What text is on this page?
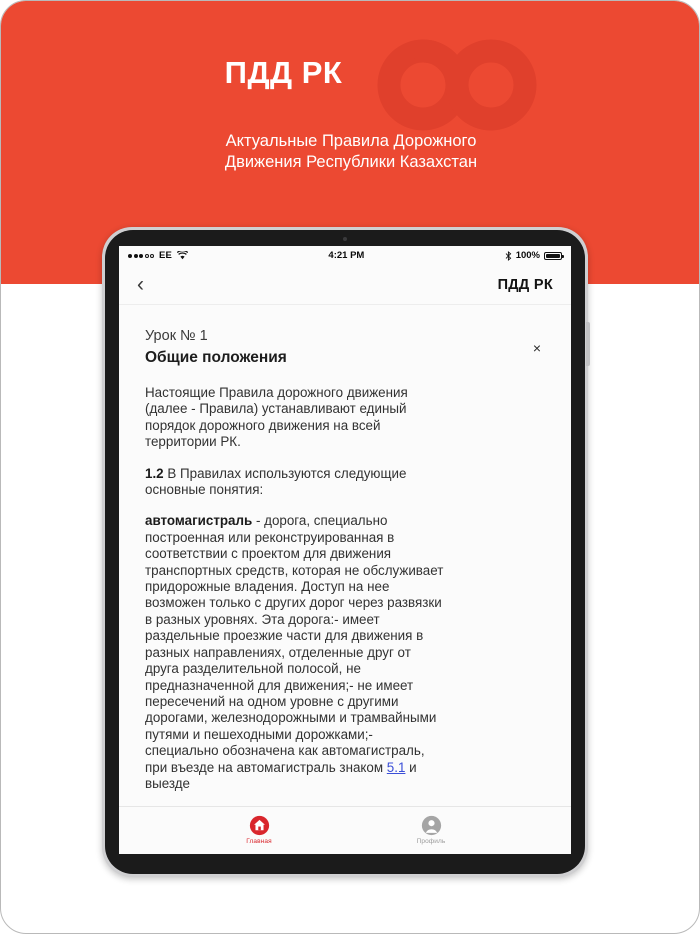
ПДД РК
Актуальные Правила Дорожного
Движения Республики Казахстан
EE	4:21 PM	100%
‹	ПДД РК
Урок № 1
Общие положения
×

Настоящие Правила дорожного движения (далее - Правила) устанавливают единый порядок дорожного движения на всей территории РК.

1.2 В Правилах используются следующие основные понятия:

автомагистраль - дорога, специально построенная или реконструированная в соответствии с проектом для движения транспортных средств, которая не обслуживает придорожные владения. Доступ на нее возможен только с других дорог через развязки в разных уровнях. Эта дорога:- имеет раздельные проезжие части для движения в разных направлениях, отделенные друг от друга разделительной полосой, не предназначенной для движения;- не имеет пересечений на одном уровне с другими дорогами, железнодорожными и трамвайными путями и пешеходными дорожками;- специально обозначена как автомагистраль, при въезде на автомагистраль знаком 5.1 и выезде

Главная	Профиль
